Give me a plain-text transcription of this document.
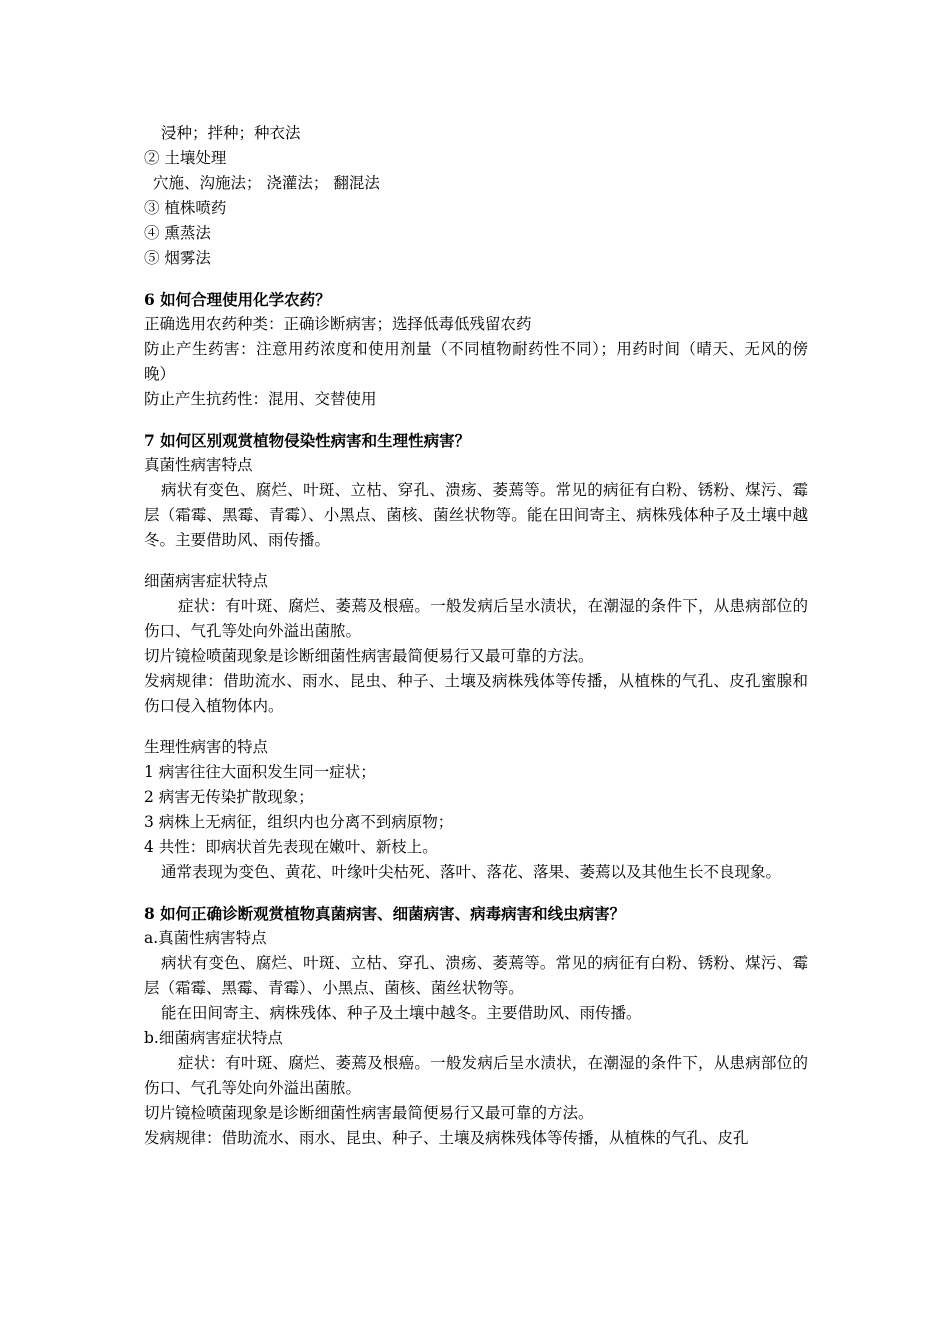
浸种；拌种；种衣法
② 土壤处理
穴施、沟施法； 浇灌法； 翻混法
③ 植株喷药
④ 熏蒸法
⑤ 烟雾法
6 如何合理使用化学农药？
正确选用农药种类：正确诊断病害；选择低毒低残留农药
防止产生药害：注意用药浓度和使用剂量（不同植物耐药性不同）；用药时间（晴天、无风的傍晚）
防止产生抗药性：混用、交替使用
7 如何区别观赏植物侵染性病害和生理性病害？
真菌性病害特点
病状有变色、腐烂、叶斑、立枯、穿孔、溃疡、萎蔫等。常见的病征有白粉、锈粉、煤污、霉层（霜霉、黑霉、青霉）、小黑点、菌核、菌丝状物等。能在田间寄主、病株残体种子及土壤中越冬。主要借助风、雨传播。
细菌病害症状特点
症状：有叶斑、腐烂、萎蔫及根癌。一般发病后呈水渍状，在潮湿的条件下，从患病部位的伤口、气孔等处向外溢出菌脓。
切片镜检喷菌现象是诊断细菌性病害最简便易行又最可靠的方法。
发病规律：借助流水、雨水、昆虫、种子、土壤及病株残体等传播，从植株的气孔、皮孔蜜腺和伤口侵入植物体内。
生理性病害的特点
1 病害往往大面积发生同一症状；
2 病害无传染扩散现象；
3 病株上无病征，组织内也分离不到病原物；
4 共性：即病状首先表现在嫩叶、新枝上。
通常表现为变色、黄花、叶缘叶尖枯死、落叶、落花、落果、萎蔫以及其他生长不良现象。
8 如何正确诊断观赏植物真菌病害、细菌病害、病毒病害和线虫病害？
a.真菌性病害特点
病状有变色、腐烂、叶斑、立枯、穿孔、溃疡、萎蔫等。常见的病征有白粉、锈粉、煤污、霉层（霜霉、黑霉、青霉）、小黑点、菌核、菌丝状物等。
能在田间寄主、病株残体、种子及土壤中越冬。主要借助风、雨传播。
b.细菌病害症状特点
症状：有叶斑、腐烂、萎蔫及根癌。一般发病后呈水渍状，在潮湿的条件下，从患病部位的伤口、气孔等处向外溢出菌脓。
切片镜检喷菌现象是诊断细菌性病害最简便易行又最可靠的方法。
发病规律：借助流水、雨水、昆虫、种子、土壤及病株残体等传播，从植株的气孔、皮孔
